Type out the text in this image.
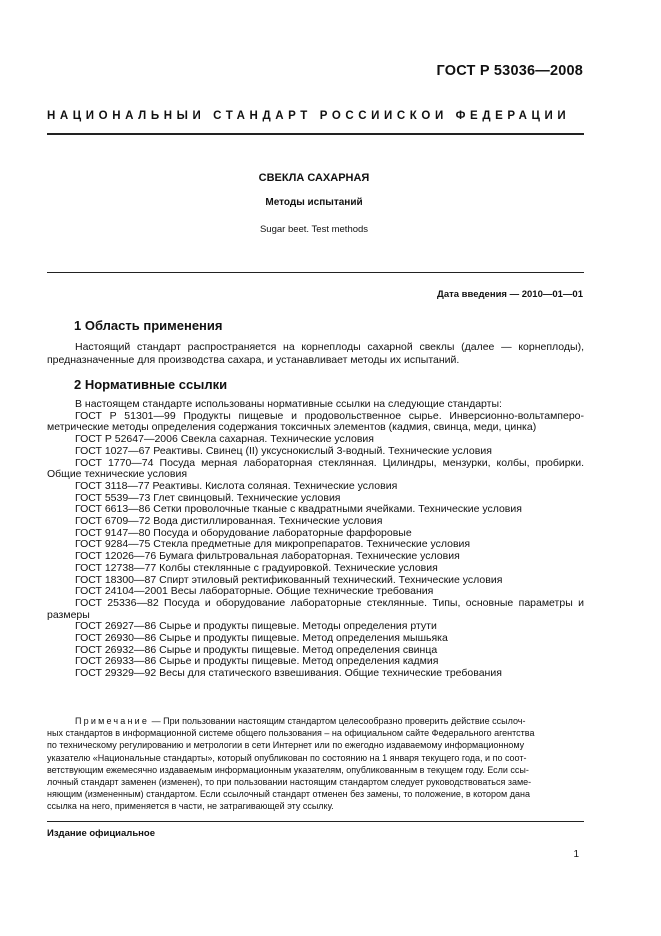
ГОСТ Р 53036—2008
НАЦИОНАЛЬНЫЙ СТАНДАРТ РОССИЙСКОЙ ФЕДЕРАЦИИ
СВЕКЛА САХАРНАЯ
Методы испытаний
Sugar beet. Test methods
Дата введения — 2010—01—01
1 Область применения
Настоящий стандарт распространяется на корнеплоды сахарной свеклы (далее — корнеплоды),
предназначенные для производства сахара, и устанавливает методы их испытаний.
2 Нормативные ссылки
В настоящем стандарте использованы нормативные ссылки на следующие стандарты:
ГОСТ Р 51301—99 Продукты пищевые и продовольственное сырье. Инверсионно-вольтамперо-
метрические методы определения содержания токсичных элементов (кадмия, свинца, меди, цинка)
ГОСТ Р 52647—2006 Свекла сахарная. Технические условия
ГОСТ 1027—67 Реактивы. Свинец (II) уксуснокислый 3-водный. Технические условия
ГОСТ 1770—74 Посуда мерная лабораторная стеклянная. Цилиндры, мензурки, колбы, пробирки.
Общие технические условия
ГОСТ 3118—77 Реактивы. Кислота соляная. Технические условия
ГОСТ 5539—73 Глет свинцовый. Технические условия
ГОСТ 6613—86 Сетки проволочные тканые с квадратными ячейками. Технические условия
ГОСТ 6709—72 Вода дистиллированная. Технические условия
ГОСТ 9147—80 Посуда и оборудование лабораторные фарфоровые
ГОСТ 9284—75 Стекла предметные для микропрепаратов. Технические условия
ГОСТ 12026—76 Бумага фильтровальная лабораторная. Технические условия
ГОСТ 12738—77 Колбы стеклянные с градуировкой. Технические условия
ГОСТ 18300—87 Спирт этиловый ректификованный технический. Технические условия
ГОСТ 24104—2001 Весы лабораторные. Общие технические требования
ГОСТ 25336—82 Посуда и оборудование лабораторные стеклянные. Типы, основные параметры и
размеры
ГОСТ 26927—86 Сырье и продукты пищевые. Методы определения ртути
ГОСТ 26930—86 Сырье и продукты пищевые. Метод определения мышьяка
ГОСТ 26932—86 Сырье и продукты пищевые. Метод определения свинца
ГОСТ 26933—86 Сырье и продукты пищевые. Метод определения кадмия
ГОСТ 29329—92 Весы для статического взвешивания. Общие технические требования
Примечание — При пользовании настоящим стандартом целесообразно проверить действие ссылоч-
ных стандартов в информационной системе общего пользования – на официальном сайте Федерального агентства
по техническому регулированию и метрологии в сети Интернет или по ежегодно издаваемому информационному
указателю «Национальные стандарты», который опубликован по состоянию на 1 января текущего года, и по соот-
ветствующим ежемесячно издаваемым информационным указателям, опубликованным в текущем году. Если ссы-
лочный стандарт заменен (изменен), то при пользовании настоящим стандартом следует руководствоваться заме-
няющим (измененным) стандартом. Если ссылочный стандарт отменен без замены, то положение, в котором дана
ссылка на него, применяется в части, не затрагивающей эту ссылку.
Издание официальное
1
